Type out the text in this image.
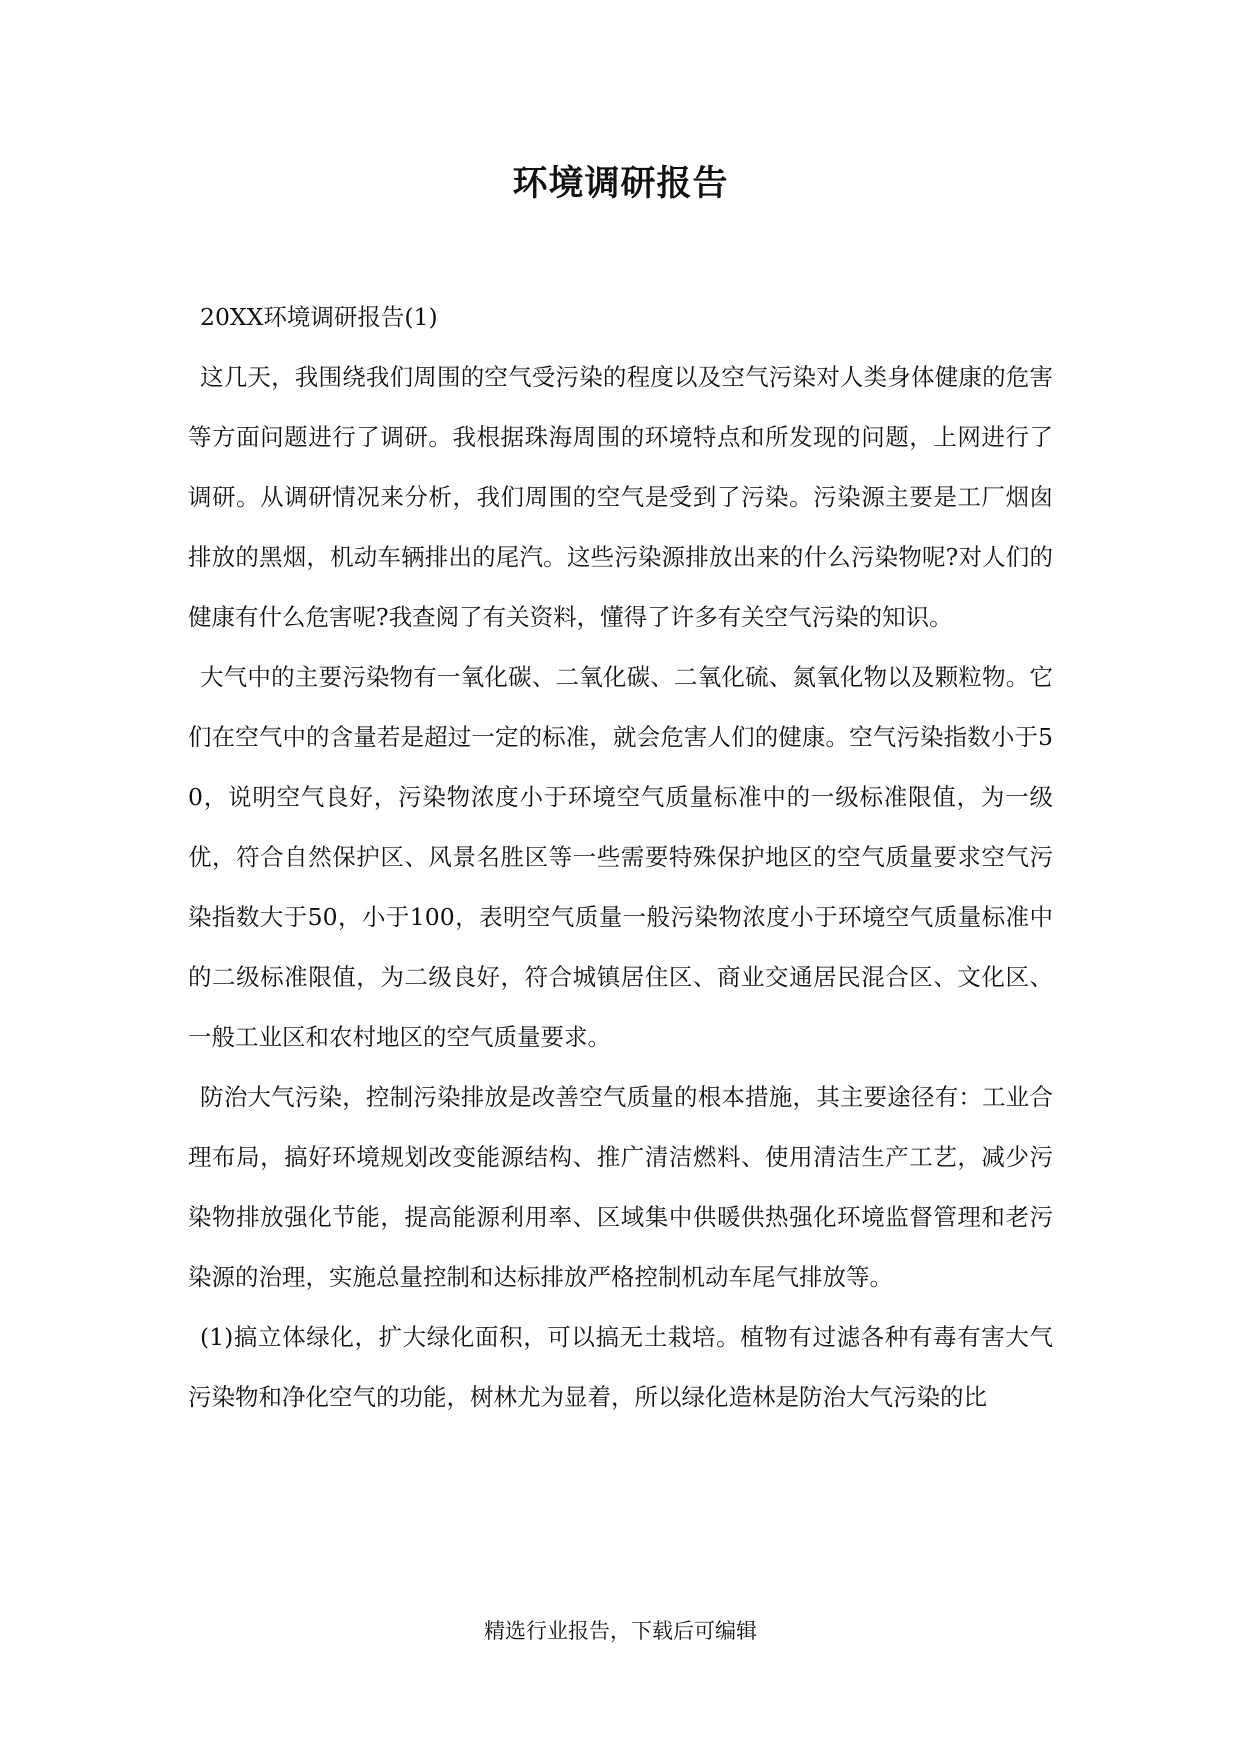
环境调研报告

20XX环境调研报告(1)

这几天，我围绕我们周围的空气受污染的程度以及空气污染对人类身体健康的危害等方面问题进行了调研。我根据珠海周围的环境特点和所发现的问题，上网进行了调研。从调研情况来分析，我们周围的空气是受到了污染。污染源主要是工厂烟囱排放的黑烟，机动车辆排出的尾汽。这些污染源排放出来的什么污染物呢?对人们的健康有什么危害呢?我查阅了有关资料，懂得了许多有关空气污染的知识。

大气中的主要污染物有一氧化碳、二氧化碳、二氧化硫、氮氧化物以及颗粒物。它们在空气中的含量若是超过一定的标准，就会危害人们的健康。空气污染指数小于50，说明空气良好，污染物浓度小于环境空气质量标准中的一级标准限值，为一级优，符合自然保护区、风景名胜区等一些需要特殊保护地区的空气质量要求空气污染指数大于50，小于100，表明空气质量一般污染物浓度小于环境空气质量标准中的二级标准限值，为二级良好，符合城镇居住区、商业交通居民混合区、文化区、一般工业区和农村地区的空气质量要求。

防治大气污染，控制污染排放是改善空气质量的根本措施，其主要途径有：工业合理布局，搞好环境规划改变能源结构、推广清洁燃料、使用清洁生产工艺，减少污染物排放强化节能，提高能源利用率、区域集中供暖供热强化环境监督管理和老污染源的治理，实施总量控制和达标排放严格控制机动车尾气排放等。

(1)搞立体绿化，扩大绿化面积，可以搞无土栽培。植物有过滤各种有毒有害大气污染物和净化空气的功能，树林尤为显着，所以绿化造林是防治大气污染的比

精选行业报告，下载后可编辑
